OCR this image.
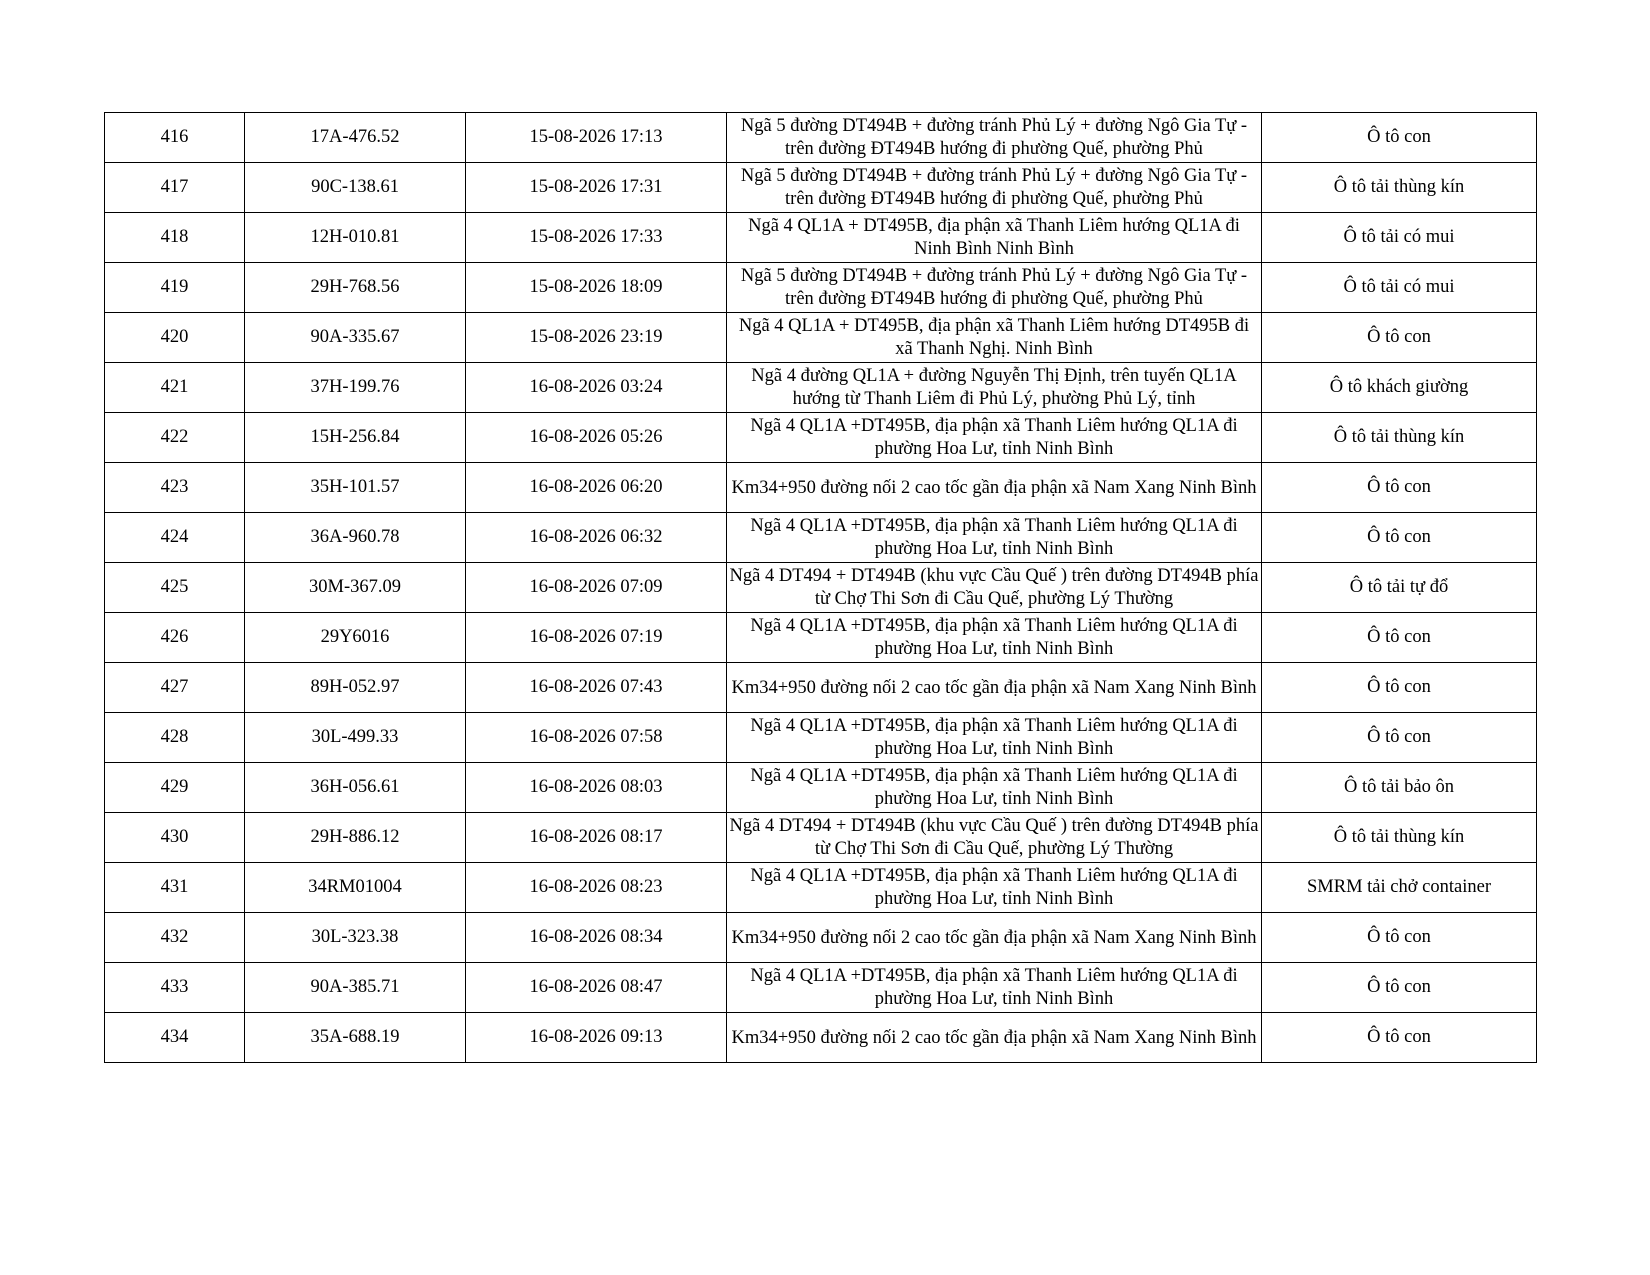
416	17A-476.52	15-08-2026 17:13	Ngã 5 đường DT494B + đường tránh Phủ Lý + đường Ngô Gia Tự - trên đường ĐT494B hướng đi phường Quế, phường Phủ	Ô tô con
417	90C-138.61	15-08-2026 17:31	Ngã 5 đường DT494B + đường tránh Phủ Lý + đường Ngô Gia Tự - trên đường ĐT494B hướng đi phường Quế, phường Phủ	Ô tô tải thùng kín
418	12H-010.81	15-08-2026 17:33	Ngã 4 QL1A + DT495B, địa phận xã Thanh Liêm hướng QL1A đi Ninh Bình Ninh Bình	Ô tô tải có mui
419	29H-768.56	15-08-2026 18:09	Ngã 5 đường DT494B + đường tránh Phủ Lý + đường Ngô Gia Tự - trên đường ĐT494B hướng đi phường Quế, phường Phủ	Ô tô tải có mui
420	90A-335.67	15-08-2026 23:19	Ngã 4 QL1A + DT495B, địa phận xã Thanh Liêm hướng DT495B đi xã Thanh Nghị. Ninh Bình	Ô tô con
421	37H-199.76	16-08-2026 03:24	Ngã 4 đường QL1A + đường Nguyễn Thị Định, trên tuyến QL1A hướng từ Thanh Liêm đi Phủ Lý, phường Phủ Lý, tỉnh	Ô tô khách giường
422	15H-256.84	16-08-2026 05:26	Ngã 4 QL1A +DT495B, địa phận xã Thanh Liêm hướng QL1A đi phường Hoa Lư, tỉnh Ninh Bình	Ô tô tải thùng kín
423	35H-101.57	16-08-2026 06:20	Km34+950 đường nối 2 cao tốc gần địa phận xã Nam Xang Ninh Bình	Ô tô con
424	36A-960.78	16-08-2026 06:32	Ngã 4 QL1A +DT495B, địa phận xã Thanh Liêm hướng QL1A đi phường Hoa Lư, tỉnh Ninh Bình	Ô tô con
425	30M-367.09	16-08-2026 07:09	Ngã 4 DT494 + DT494B (khu vực Cầu Quế ) trên đường DT494B phía từ Chợ Thi Sơn đi Cầu Quế, phường Lý Thường	Ô tô tải tự đổ
426	29Y6016	16-08-2026 07:19	Ngã 4 QL1A +DT495B, địa phận xã Thanh Liêm hướng QL1A đi phường Hoa Lư, tỉnh Ninh Bình	Ô tô con
427	89H-052.97	16-08-2026 07:43	Km34+950 đường nối 2 cao tốc gần địa phận xã Nam Xang Ninh Bình	Ô tô con
428	30L-499.33	16-08-2026 07:58	Ngã 4 QL1A +DT495B, địa phận xã Thanh Liêm hướng QL1A đi phường Hoa Lư, tỉnh Ninh Bình	Ô tô con
429	36H-056.61	16-08-2026 08:03	Ngã 4 QL1A +DT495B, địa phận xã Thanh Liêm hướng QL1A đi phường Hoa Lư, tỉnh Ninh Bình	Ô tô tải bảo ôn
430	29H-886.12	16-08-2026 08:17	Ngã 4 DT494 + DT494B (khu vực Cầu Quế ) trên đường DT494B phía từ Chợ Thi Sơn đi Cầu Quế, phường Lý Thường	Ô tô tải thùng kín
431	34RM01004	16-08-2026 08:23	Ngã 4 QL1A +DT495B, địa phận xã Thanh Liêm hướng QL1A đi phường Hoa Lư, tỉnh Ninh Bình	SMRM tải chở container
432	30L-323.38	16-08-2026 08:34	Km34+950 đường nối 2 cao tốc gần địa phận xã Nam Xang Ninh Bình	Ô tô con
433	90A-385.71	16-08-2026 08:47	Ngã 4 QL1A +DT495B, địa phận xã Thanh Liêm hướng QL1A đi phường Hoa Lư, tỉnh Ninh Bình	Ô tô con
434	35A-688.19	16-08-2026 09:13	Km34+950 đường nối 2 cao tốc gần địa phận xã Nam Xang Ninh Bình	Ô tô con
